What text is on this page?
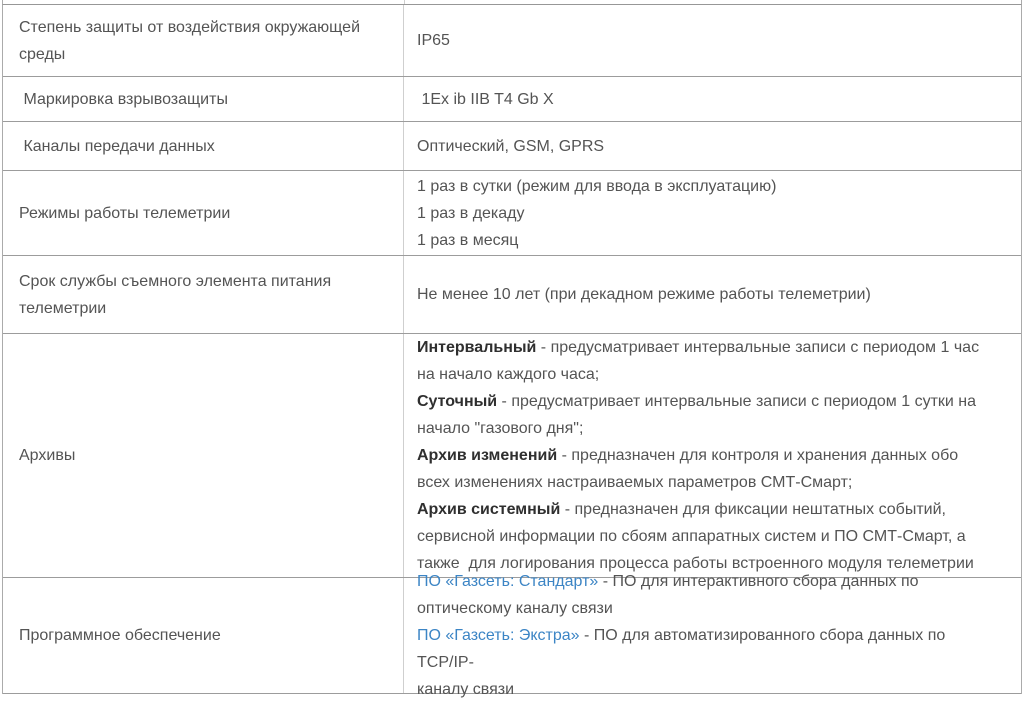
Степень защиты от воздействия окружающей
среды
IP65
Маркировка взрывозащиты	1Ex ib IIB T4 Gb X
Каналы передачи данных	Оптический, GSM, GPRS
Режимы работы телеметрии
1 раз в сутки (режим для ввода в эксплуатацию)
1 раз в декаду
1 раз в месяц
Срок службы съемного элемента питания
телеметрии
Не менее 10 лет (при декадном режиме работы телеметрии)
Архивы
Интервальный - предусматривает интервальные записи с периодом 1 час
на начало каждого часа;
Суточный - предусматривает интервальные записи с периодом 1 сутки на
начало "газового дня";
Архив изменений - предназначен для контроля и хранения данных обо
всех изменениях настраиваемых параметров СМТ-Смарт;
Архив системный - предназначен для фиксации нештатных событий,
сервисной информации по сбоям аппаратных систем и ПО СМТ-Смарт, а
также  для логирования процесса работы встроенного модуля телеметрии
Программное обеспечение
ПО «Газсеть: Стандарт» - ПО для интерактивного сбора данных по
оптическому каналу связи
ПО «Газсеть: Экстра» - ПО для автоматизированного сбора данных по TCP/IP-
каналу связи
